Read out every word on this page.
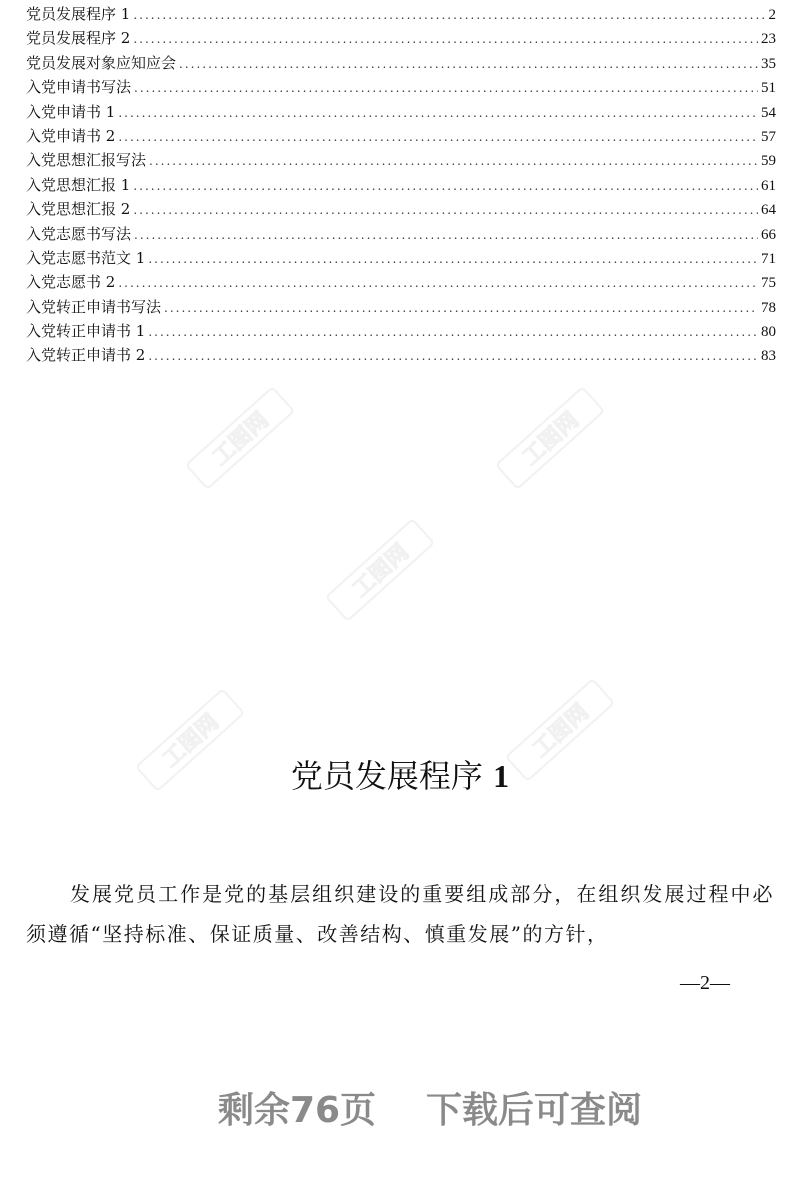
党员发展程序 1 .....	2
党员发展程序 2 .....	23
党员发展对象应知应会 .....	35
入党申请书写法 .....	51
入党申请书 1 .....	54
入党申请书 2 .....	57
入党思想汇报写法 .....	59
入党思想汇报 1 .....	61
入党思想汇报 2 .....	64
入党志愿书写法 .....	66
入党志愿书范文 1 .....	71
入党志愿书 2 .....	75
入党转正申请书写法 .....	78
入党转正申请书 1 .....	80
入党转正申请书 2 .....	83
党员发展程序 1
发展党员工作是党的基层组织建设的重要组成部分，在组织发展过程中必须遵循“坚持标准、保证质量、改善结构、慎重发展”的方针，
—2—
剩余76页 下载后可查阅
工图网	工图网
工图网
工图网	工图网
